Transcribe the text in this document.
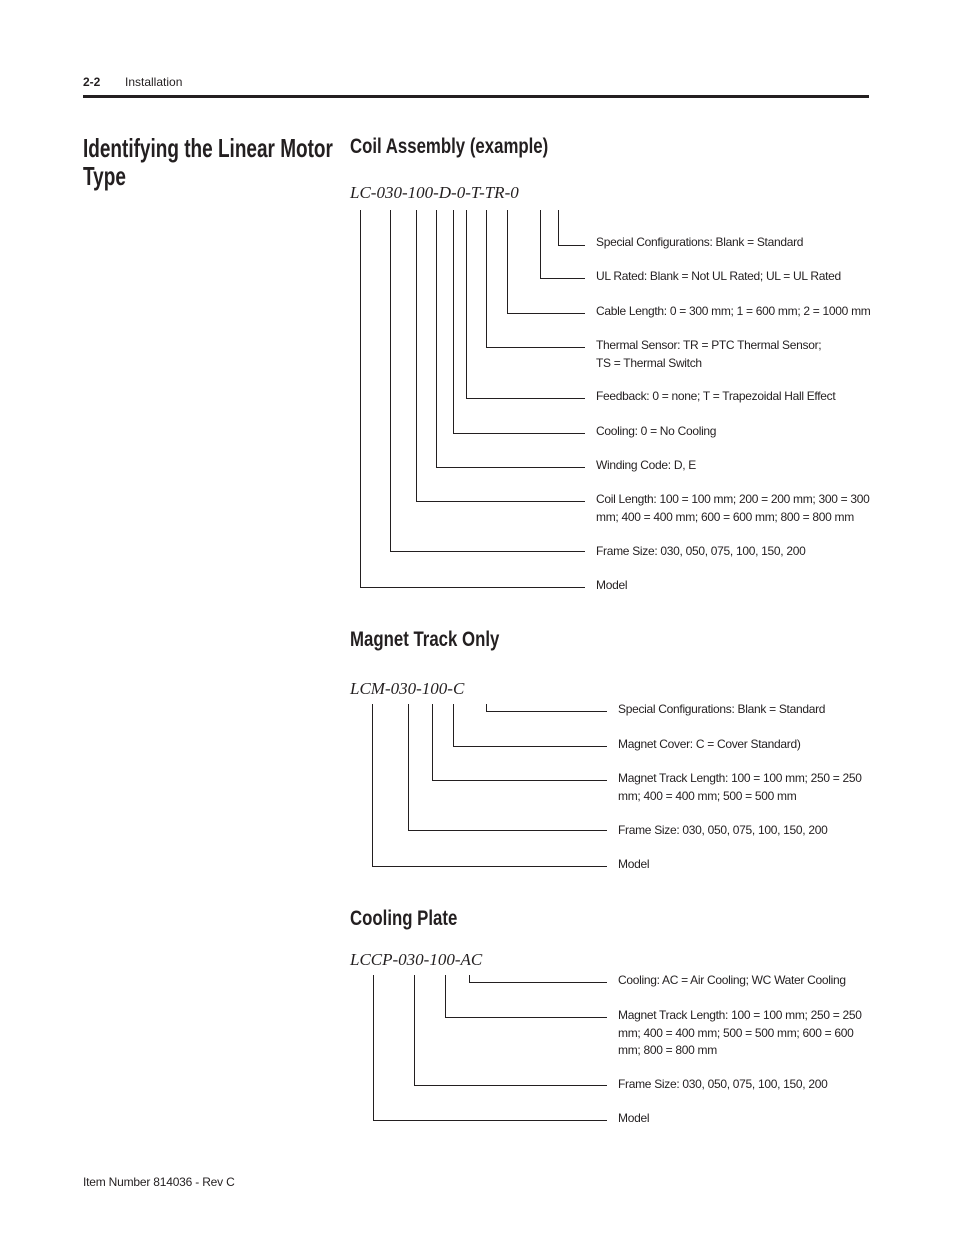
2-2 Installation
Identifying the Linear Motor Type
Coil Assembly (example)
LC-030-100-D-0-T-TR-0
Special Configurations: Blank = Standard
UL Rated: Blank = Not UL Rated; UL = UL Rated
Cable Length: 0 = 300 mm; 1 = 600 mm; 2 = 1000 mm
Thermal Sensor: TR = PTC Thermal Sensor;
TS = Thermal Switch
Feedback: 0 = none; T = Trapezoidal Hall Effect
Cooling: 0 = No Cooling
Winding Code: D, E
Coil Length: 100 = 100 mm; 200 = 200 mm; 300 = 300
mm; 400 = 400 mm; 600 = 600 mm; 800 = 800 mm
Frame Size: 030, 050, 075, 100, 150, 200
Model
Magnet Track Only
LCM-030-100-C
Special Configurations: Blank = Standard
Magnet Cover: C = Cover Standard)
Magnet Track Length: 100 = 100 mm; 250 = 250
mm; 400 = 400 mm; 500 = 500 mm
Frame Size: 030, 050, 075, 100, 150, 200
Model
Cooling Plate
LCCP-030-100-AC
Cooling: AC = Air Cooling; WC Water Cooling
Magnet Track Length: 100 = 100 mm; 250 = 250
mm; 400 = 400 mm; 500 = 500 mm; 600 = 600
mm; 800 = 800 mm
Frame Size: 030, 050, 075, 100, 150, 200
Model
Item Number 814036 - Rev C
